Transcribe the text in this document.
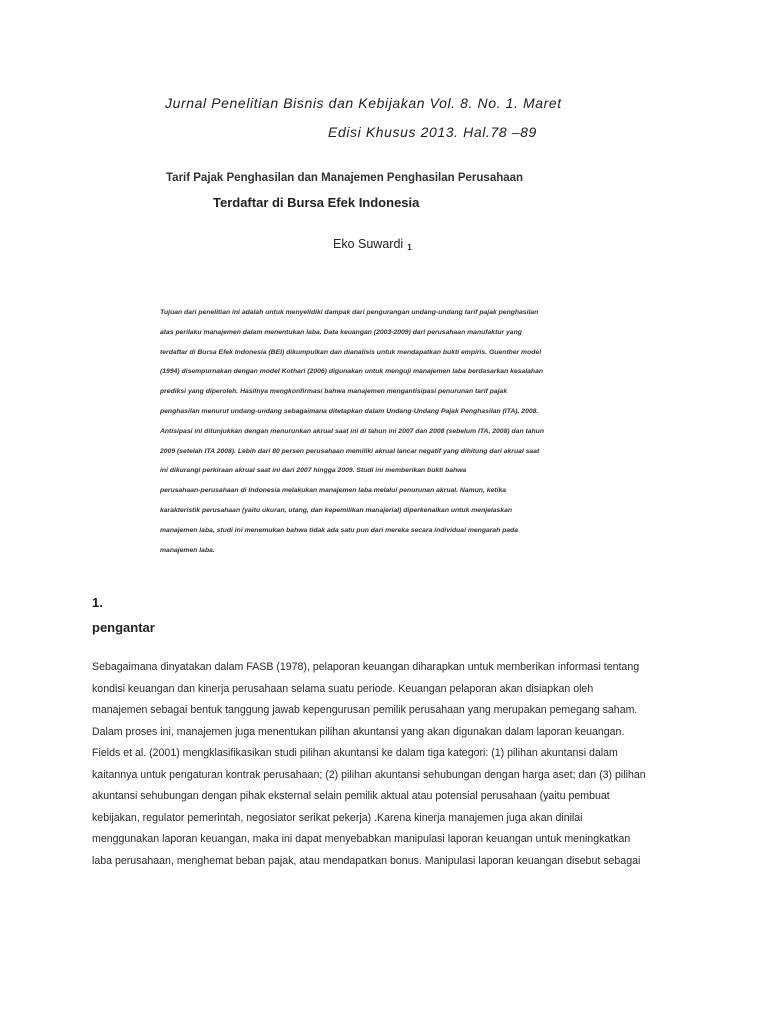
Jurnal Penelitian Bisnis dan Kebijakan Vol. 8. No. 1. Maret
Edisi Khusus 2013. Hal.78 –89
Tarif Pajak Penghasilan dan Manajemen Penghasilan Perusahaan
Terdaftar di Bursa Efek Indonesia
Eko Suwardi $^1$
Tujuan dari penelitian ini adalah untuk menyelidiki dampak dari pengurangan undang-undang tarif pajak penghasilan
atas perilaku manajemen dalam menentukan laba. Data keuangan (2003-2009) dari perusahaan manufaktur yang
terdaftar di Bursa Efek Indonesia (BEI) dikumpulkan dan dianalisis untuk mendapatkan bukti empiris. Guenther model
(1994) disempurnakan dengan model Kothari (2006) digunakan untuk menguji manajemen laba berdasarkan kesalahan
prediksi yang diperoleh. Hasilnya mengkonfirmasi bahwa manajemen mengantisipasi penurunan tarif pajak
penghasilan menurut undang-undang sebagaimana ditetapkan dalam Undang-Undang Pajak Penghasilan (ITA), 2008.
Antisipasi ini ditunjukkan dengan menurunkan akrual saat ini di tahun ini 2007 dan 2008 (sebelum ITA, 2008) dan tahun
2009 (setelah ITA 2008). Lebih dari 80 persen perusahaan memiliki akrual lancar negatif yang dihitung dari akrual saat
ini dikurangi perkiraan akrual saat ini dari 2007 hingga 2009. Studi ini memberikan bukti bahwa
perusahaan-perusahaan di Indonesia melakukan manajemen laba melalui penurunan akrual. Namun, ketika
karakteristik perusahaan (yaitu ukuran, utang, dan kepemilikan manajerial) diperkenalkan untuk menjelaskan
manajemen laba, studi ini menemukan bahwa tidak ada satu pun dari mereka secara individual mengarah pada
manajemen laba.
1.
pengantar
Sebagaimana dinyatakan dalam FASB (1978), pelaporan keuangan diharapkan untuk memberikan informasi tentang
kondisi keuangan dan kinerja perusahaan selama suatu periode. Keuangan pelaporan akan disiapkan oleh
manajemen sebagai bentuk tanggung jawab kepengurusan pemilik perusahaan yang merupakan pemegang saham.
Dalam proses ini, manajemen juga menentukan pilihan akuntansi yang akan digunakan dalam laporan keuangan.
Fields et al. (2001) mengklasifikasikan studi pilihan akuntansi ke dalam tiga kategori: (1) pilihan akuntansi dalam
kaitannya untuk pengaturan kontrak perusahaan; (2) pilihan akuntansi sehubungan dengan harga aset; dan (3) pilihan
akuntansi sehubungan dengan pihak eksternal selain pemilik aktual atau potensial perusahaan (yaitu pembuat
kebijakan, regulator pemerintah, negosiator serikat pekerja) .Karena kinerja manajemen juga akan dinilai
menggunakan laporan keuangan, maka ini dapat menyebabkan manipulasi laporan keuangan untuk meningkatkan
laba perusahaan, menghemat beban pajak, atau mendapatkan bonus. Manipulasi laporan keuangan disebut sebagai
